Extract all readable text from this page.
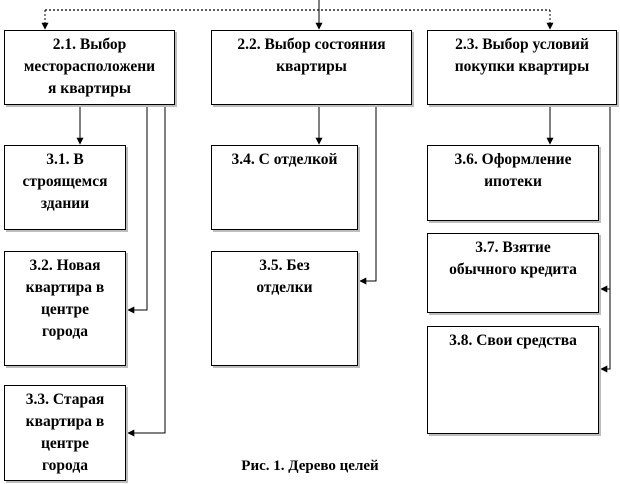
2.1. Выбор
месторасположени
я квартиры
2.2. Выбор состояния
квартиры
2.3. Выбор условий
покупки квартиры
3.1. В
строящемся
здании
3.2. Новая
квартира в
центре
города
3.3. Старая
квартира в
центре
города
3.4. С отделкой
3.5. Без
отделки
3.6. Оформление
ипотеки
3.7. Взятие
обычного кредита
3.8. Свои средства
Рис. 1. Дерево целей
